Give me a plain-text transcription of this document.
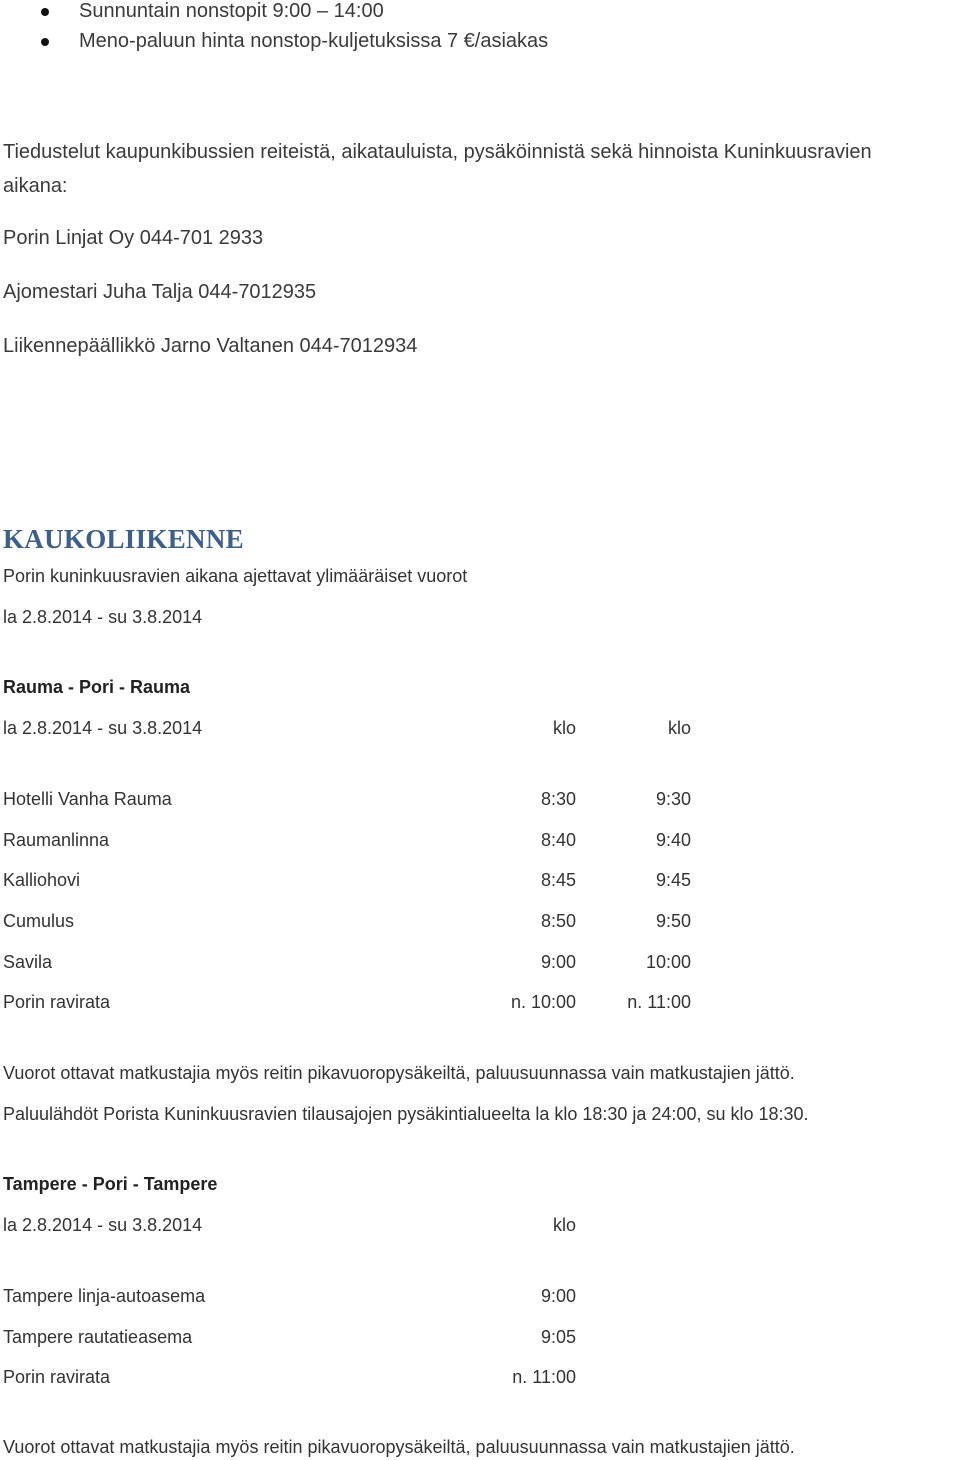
Sunnuntain nonstopit 9:00 – 14:00
Meno-paluun hinta nonstop-kuljetuksissa 7 €/asiakas
Tiedustelut kaupunkibussien reiteistä, aikatauluista, pysäköinnistä sekä hinnoista Kuninkuusravien
aikana:
Porin Linjat Oy 044-701 2933
Ajomestari Juha Talja 044-7012935
Liikennepäällikkö Jarno Valtanen 044-7012934
KAUKOLIIKENNE
Porin kuninkuusravien aikana ajettavat ylimääräiset vuorot
la 2.8.2014 - su 3.8.2014
Rauma - Pori - Rauma
la 2.8.2014 - su 3.8.2014	klo	klo
Hotelli Vanha Rauma	8:30	9:30
Raumanlinna	8:40	9:40
Kalliohovi	8:45	9:45
Cumulus	8:50	9:50
Savila	9:00	10:00
Porin ravirata	n. 10:00	n. 11:00
Vuorot ottavat matkustajia myös reitin pikavuoropysäkeiltä, paluusuunnassa vain matkustajien jättö.
Paluulähdöt Porista Kuninkuusravien tilausajojen pysäkintialueelta la klo 18:30 ja 24:00, su klo 18:30.
Tampere - Pori - Tampere
la 2.8.2014 - su 3.8.2014	klo
Tampere linja-autoasema	9:00
Tampere rautatieasema	9:05
Porin ravirata	n. 11:00
Vuorot ottavat matkustajia myös reitin pikavuoropysäkeiltä, paluusuunnassa vain matkustajien jättö.
